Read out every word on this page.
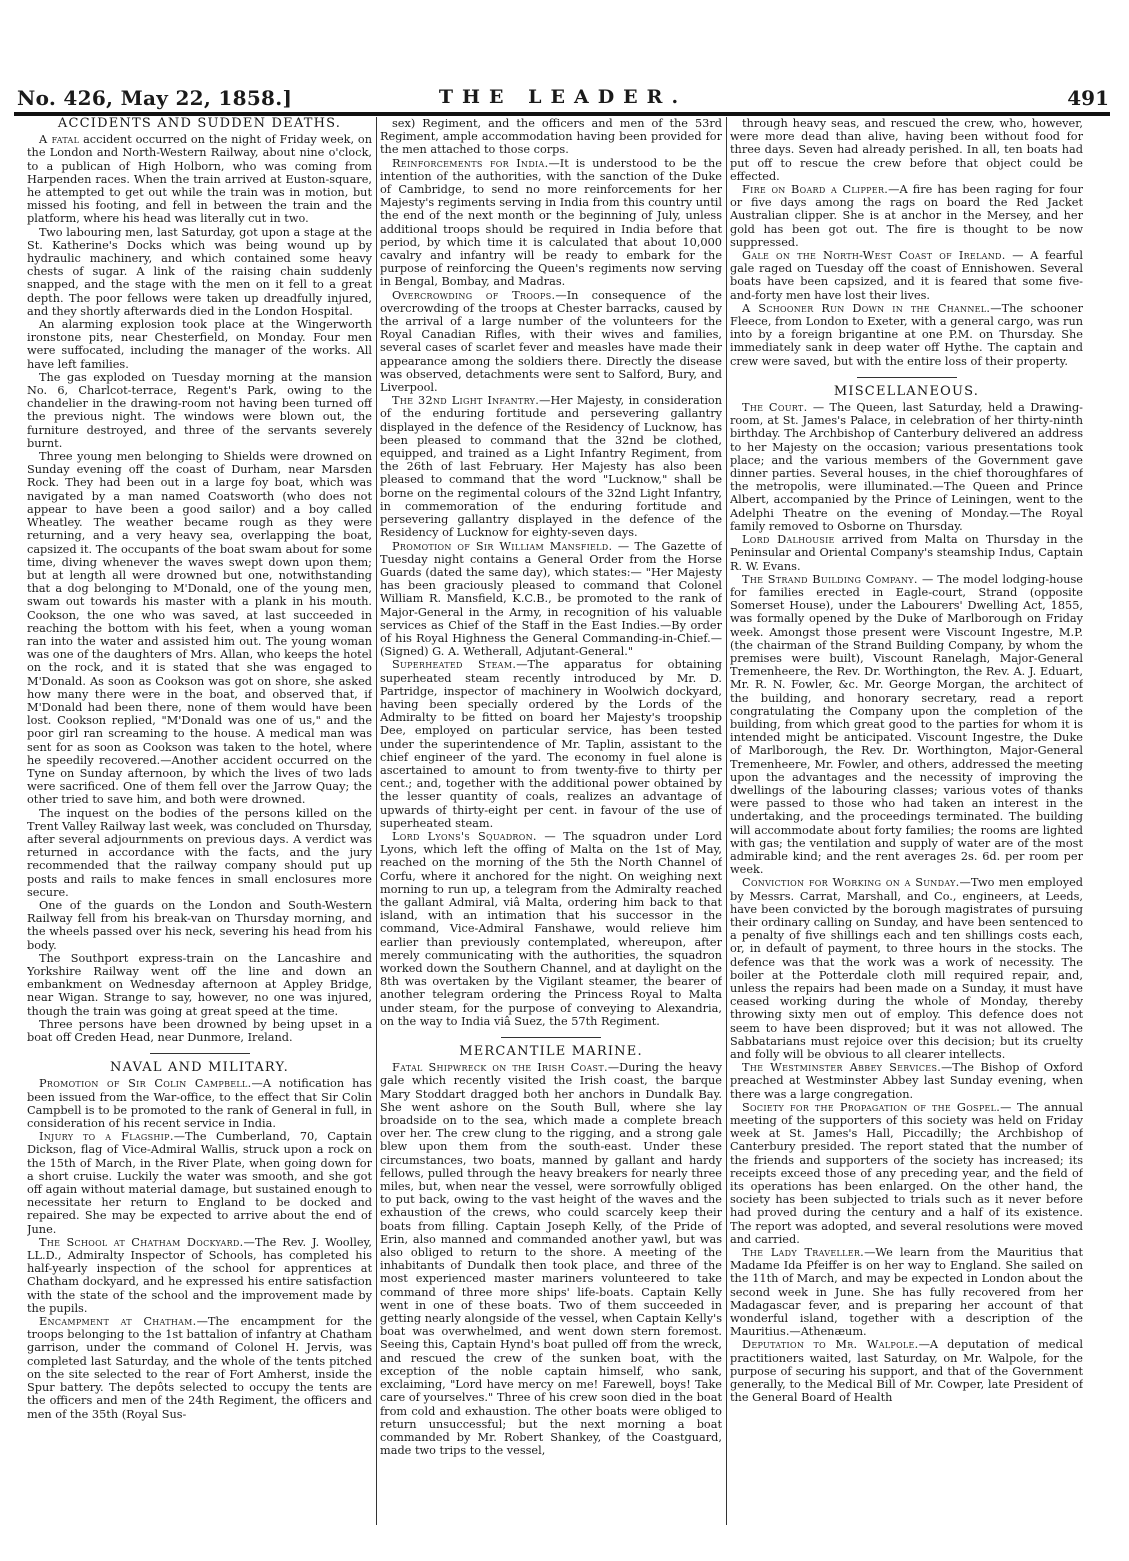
No. 426, May 22, 1858.]	THE LEADER.	491
ACCIDENTS AND SUDDEN DEATHS.

A fatal accident occurred on the night of Friday week, on the London and North-Western Railway, about nine o'clock, to a publican of High Holborn, who was coming from Harpenden races. When the train arrived at Euston-square, he attempted to get out while the train was in motion, but missed his footing, and fell in between the train and the platform, where his head was literally cut in two.

Two labouring men, last Saturday, got upon a stage at the St. Katherine's Docks which was being wound up by hydraulic machinery, and which contained some heavy chests of sugar. A link of the raising chain suddenly snapped, and the stage with the men on it fell to a great depth. The poor fellows were taken up dreadfully injured, and they shortly afterwards died in the London Hospital.

An alarming explosion took place at the Wingerworth ironstone pits, near Chesterfield, on Monday. Four men were suffocated, including the manager of the works. All have left families.

The gas exploded on Tuesday morning at the mansion No. 6, Charlcot-terrace, Regent's Park, owing to the chandelier in the drawing-room not having been turned off the previous night. The windows were blown out, the furniture destroyed, and three of the servants severely burnt.

Three young men belonging to Shields were drowned on Sunday evening off the coast of Durham, near Marsden Rock. They had been out in a large foy boat, which was navigated by a man named Coatsworth (who does not appear to have been a good sailor) and a boy called Wheatley. The weather became rough as they were returning, and a very heavy sea, overlapping the boat, capsized it. The occupants of the boat swam about for some time, diving whenever the waves swept down upon them; but at length all were drowned but one, notwithstanding that a dog belonging to M'Donald, one of the young men, swam out towards his master with a plank in his mouth. Cookson, the one who was saved, at last succeeded in reaching the bottom with his feet, when a young woman ran into the water and assisted him out. The young woman was one of the daughters of Mrs. Allan, who keeps the hotel on the rock, and it is stated that she was engaged to M'Donald. As soon as Cookson was got on shore, she asked how many there were in the boat, and observed that, if M'Donald had been there, none of them would have been lost. Cookson replied, "M'Donald was one of us," and the poor girl ran screaming to the house. A medical man was sent for as soon as Cookson was taken to the hotel, where he speedily recovered.—Another accident occurred on the Tyne on Sunday afternoon, by which the lives of two lads were sacrificed. One of them fell over the Jarrow Quay; the other tried to save him, and both were drowned.

The inquest on the bodies of the persons killed on the Trent Valley Railway last week, was concluded on Thursday, after several adjournments on previous days. A verdict was returned in accordance with the facts, and the jury recommended that the railway company should put up posts and rails to make fences in small enclosures more secure.

One of the guards on the London and South-Western Railway fell from his break-van on Thursday morning, and the wheels passed over his neck, severing his head from his body.

The Southport express-train on the Lancashire and Yorkshire Railway went off the line and down an embankment on Wednesday afternoon at Appley Bridge, near Wigan. Strange to say, however, no one was injured, though the train was going at great speed at the time.

Three persons have been drowned by being upset in a boat off Creden Head, near Dunmore, Ireland.

NAVAL AND MILITARY.

Promotion of Sir Colin Campbell.—A notification has been issued from the War-office, to the effect that Sir Colin Campbell is to be promoted to the rank of General in full, in consideration of his recent service in India.

Injury to a Flagship.—The Cumberland, 70, Captain Dickson, flag of Vice-Admiral Wallis, struck upon a rock on the 15th of March, in the River Plate, when going down for a short cruise. Luckily the water was smooth, and she got off again without material damage, but sustained enough to necessitate her return to England to be docked and repaired. She may be expected to arrive about the end of June.

The School at Chatham Dockyard.—The Rev. J. Woolley, LL.D., Admiralty Inspector of Schools, has completed his half-yearly inspection of the school for apprentices at Chatham dockyard, and he expressed his entire satisfaction with the state of the school and the improvement made by the pupils.

Encampment at Chatham.—The encampment for the troops belonging to the 1st battalion of infantry at Chatham garrison, under the command of Colonel H. Jervis, was completed last Saturday, and the whole of the tents pitched on the site selected to the rear of Fort Amherst, inside the Spur battery. The depôts selected to occupy the tents are the officers and men of the 24th Regiment, the officers and men of the 35th (Royal Sus-

sex) Regiment, and the officers and men of the 53rd Regiment, ample accommodation having been provided for the men attached to those corps.

Reinforcements for India.—It is understood to be the intention of the authorities, with the sanction of the Duke of Cambridge, to send no more reinforcements for her Majesty's regiments serving in India from this country until the end of the next month or the beginning of July, unless additional troops should be required in India before that period, by which time it is calculated that about 10,000 cavalry and infantry will be ready to embark for the purpose of reinforcing the Queen's regiments now serving in Bengal, Bombay, and Madras.

Overcrowding of Troops.—In consequence of the overcrowding of the troops at Chester barracks, caused by the arrival of a large number of the volunteers for the Royal Canadian Rifles, with their wives and families, several cases of scarlet fever and measles have made their appearance among the soldiers there. Directly the disease was observed, detachments were sent to Salford, Bury, and Liverpool.

The 32nd Light Infantry.—Her Majesty, in consideration of the enduring fortitude and persevering gallantry displayed in the defence of the Residency of Lucknow, has been pleased to command that the 32nd be clothed, equipped, and trained as a Light Infantry Regiment, from the 26th of last February. Her Majesty has also been pleased to command that the word "Lucknow," shall be borne on the regimental colours of the 32nd Light Infantry, in commemoration of the enduring fortitude and persevering gallantry displayed in the defence of the Residency of Lucknow for eighty-seven days.

Promotion of Sir William Mansfield. — The Gazette of Tuesday night contains a General Order from the Horse Guards (dated the same day), which states:— "Her Majesty has been graciously pleased to command that Colonel William R. Mansfield, K.C.B., be promoted to the rank of Major-General in the Army, in recognition of his valuable services as Chief of the Staff in the East Indies.—By order of his Royal Highness the General Commanding-in-Chief.—(Signed) G. A. Wetherall, Adjutant-General."

Superheated Steam.—The apparatus for obtaining superheated steam recently introduced by Mr. D. Partridge, inspector of machinery in Woolwich dockyard, having been specially ordered by the Lords of the Admiralty to be fitted on board her Majesty's troopship Dee, employed on particular service, has been tested under the superintendence of Mr. Taplin, assistant to the chief engineer of the yard. The economy in fuel alone is ascertained to amount to from twenty-five to thirty per cent.; and, together with the additional power obtained by the lesser quantity of coals, realizes an advantage of upwards of thirty-eight per cent. in favour of the use of superheated steam.

Lord Lyons's Squadron. — The squadron under Lord Lyons, which left the offing of Malta on the 1st of May, reached on the morning of the 5th the North Channel of Corfu, where it anchored for the night. On weighing next morning to run up, a telegram from the Admiralty reached the gallant Admiral, viâ Malta, ordering him back to that island, with an intimation that his successor in the command, Vice-Admiral Fanshawe, would relieve him earlier than previously contemplated, whereupon, after merely communicating with the authorities, the squadron worked down the Southern Channel, and at daylight on the 8th was overtaken by the Vigilant steamer, the bearer of another telegram ordering the Princess Royal to Malta under steam, for the purpose of conveying to Alexandria, on the way to India viâ Suez, the 57th Regiment.

MERCANTILE MARINE.

Fatal Shipwreck on the Irish Coast.—During the heavy gale which recently visited the Irish coast, the barque Mary Stoddart dragged both her anchors in Dundalk Bay. She went ashore on the South Bull, where she lay broadside on to the sea, which made a complete breach over her. The crew clung to the rigging, and a strong gale blew upon them from the south-east. Under these circumstances, two boats, manned by gallant and hardy fellows, pulled through the heavy breakers for nearly three miles, but, when near the vessel, were sorrowfully obliged to put back, owing to the vast height of the waves and the exhaustion of the crews, who could scarcely keep their boats from filling. Captain Joseph Kelly, of the Pride of Erin, also manned and commanded another yawl, but was also obliged to return to the shore. A meeting of the inhabitants of Dundalk then took place, and three of the most experienced master mariners volunteered to take command of three more ships' life-boats. Captain Kelly went in one of these boats. Two of them succeeded in getting nearly alongside of the vessel, when Captain Kelly's boat was overwhelmed, and went down stern foremost. Seeing this, Captain Hynd's boat pulled off from the wreck, and rescued the crew of the sunken boat, with the exception of the noble captain himself, who sank, exclaiming, "Lord have mercy on me! Farewell, boys! Take care of yourselves." Three of his crew soon died in the boat from cold and exhaustion. The other boats were obliged to return unsuccessful; but the next morning a boat commanded by Mr. Robert Shankey, of the Coastguard, made two trips to the vessel,

through heavy seas, and rescued the crew, who, however, were more dead than alive, having been without food for three days. Seven had already perished. In all, ten boats had put off to rescue the crew before that object could be effected.

Fire on Board a Clipper.—A fire has been raging for four or five days among the rags on board the Red Jacket Australian clipper. She is at anchor in the Mersey, and her gold has been got out. The fire is thought to be now suppressed.

Gale on the North-West Coast of Ireland. — A fearful gale raged on Tuesday off the coast of Ennishowen. Several boats have been capsized, and it is feared that some five-and-forty men have lost their lives.

A Schooner Run Down in the Channel.—The schooner Fleece, from London to Exeter, with a general cargo, was run into by a foreign brigantine at one P.M. on Thursday. She immediately sank in deep water off Hythe. The captain and crew were saved, but with the entire loss of their property.

MISCELLANEOUS.

The Court. — The Queen, last Saturday, held a Drawing-room, at St. James's Palace, in celebration of her thirty-ninth birthday. The Archbishop of Canterbury delivered an address to her Majesty on the occasion; various presentations took place; and the various members of the Government gave dinner parties. Several houses, in the chief thoroughfares of the metropolis, were illuminated.—The Queen and Prince Albert, accompanied by the Prince of Leiningen, went to the Adelphi Theatre on the evening of Monday.—The Royal family removed to Osborne on Thursday.

Lord Dalhousie arrived from Malta on Thursday in the Peninsular and Oriental Company's steamship Indus, Captain R. W. Evans.

The Strand Building Company. — The model lodging-house for families erected in Eagle-court, Strand (opposite Somerset House), under the Labourers' Dwelling Act, 1855, was formally opened by the Duke of Marlborough on Friday week. Amongst those present were Viscount Ingestre, M.P. (the chairman of the Strand Building Company, by whom the premises were built), Viscount Ranelagh, Major-General Tremenheere, the Rev. Dr. Worthington, the Rev. A. J. Eduart, Mr. R. N. Fowler, &c. Mr. George Morgan, the architect of the building, and honorary secretary, read a report congratulating the Company upon the completion of the building, from which great good to the parties for whom it is intended might be anticipated. Viscount Ingestre, the Duke of Marlborough, the Rev. Dr. Worthington, Major-General Tremenheere, Mr. Fowler, and others, addressed the meeting upon the advantages and the necessity of improving the dwellings of the labouring classes; various votes of thanks were passed to those who had taken an interest in the undertaking, and the proceedings terminated. The building will accommodate about forty families; the rooms are lighted with gas; the ventilation and supply of water are of the most admirable kind; and the rent averages 2s. 6d. per room per week.

Conviction for Working on a Sunday.—Two men employed by Messrs. Carrat, Marshall, and Co., engineers, at Leeds, have been convicted by the borough magistrates of pursuing their ordinary calling on Sunday, and have been sentenced to a penalty of five shillings each and ten shillings costs each, or, in default of payment, to three hours in the stocks. The defence was that the work was a work of necessity. The boiler at the Potterdale cloth mill required repair, and, unless the repairs had been made on a Sunday, it must have ceased working during the whole of Monday, thereby throwing sixty men out of employ. This defence does not seem to have been disproved; but it was not allowed. The Sabbatarians must rejoice over this decision; but its cruelty and folly will be obvious to all clearer intellects.

The Westminster Abbey Services.—The Bishop of Oxford preached at Westminster Abbey last Sunday evening, when there was a large congregation.

Society for the Propagation of the Gospel.— The annual meeting of the supporters of this society was held on Friday week at St. James's Hall, Piccadilly; the Archbishop of Canterbury presided. The report stated that the number of the friends and supporters of the society has increased; its receipts exceed those of any preceding year, and the field of its operations has been enlarged. On the other hand, the society has been subjected to trials such as it never before had proved during the century and a half of its existence. The report was adopted, and several resolutions were moved and carried.

The Lady Traveller.—We learn from the Mauritius that Madame Ida Pfeiffer is on her way to England. She sailed on the 11th of March, and may be expected in London about the second week in June. She has fully recovered from her Madagascar fever, and is preparing her account of that wonderful island, together with a description of the Mauritius.—Athenæum.

Deputation to Mr. Walpole.—A deputation of medical practitioners waited, last Saturday, on Mr. Walpole, for the purpose of securing his support, and that of the Government generally, to the Medical Bill of Mr. Cowper, late President of the General Board of Health
